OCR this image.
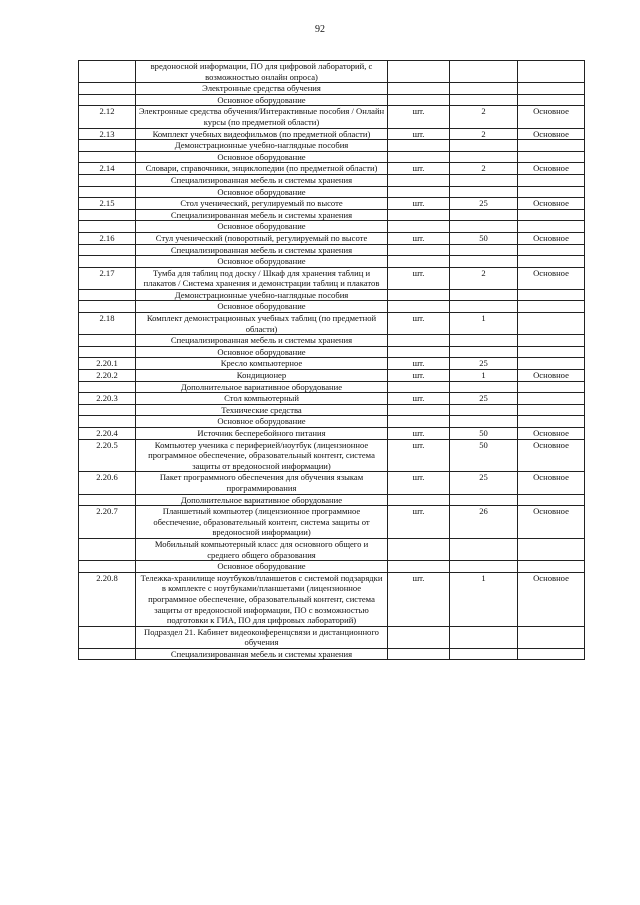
92
	вредоносной информации, ПО для цифровой лабораторий, с возможностью онлайн опроса)			
	Электронные средства обучения			
	Основное оборудование			
2.12	Электронные средства обучения/Интерактивные пособия / Онлайн курсы (по предметной области)	шт.	2	Основное
2.13	Комплект учебных видеофильмов (по предметной области)	шт.	2	Основное
	Демонстрационные учебно-наглядные пособия			
	Основное оборудование			
2.14	Словари, справочники, энциклопедии (по предметной области)	шт.	2	Основное
	Специализированная мебель и системы хранения			
	Основное оборудование			
2.15	Стол ученический, регулируемый по высоте	шт.	25	Основное
	Специализированная мебель и системы хранения			
	Основное оборудование			
2.16	Стул ученический (поворотный, регулируемый по высоте	шт.	50	Основное
	Специализированная мебель и системы хранения			
	Основное оборудование			
2.17	Тумба для таблиц под доску / Шкаф для хранения таблиц и плакатов / Система хранения и демонстрации таблиц и плакатов	шт.	2	Основное
	Демонстрационные учебно-наглядные пособия			
	Основное оборудование			
2.18	Комплект демонстрационных учебных таблиц (по предметной области)	шт.	1	
	Специализированная мебель и системы хранения			
	Основное оборудование			
2.20.1	Кресло компьютерное	шт.	25	
2.20.2	Кондиционер	шт.	1	Основное
	Дополнительное вариативное оборудование			
2.20.3	Стол компьютерный	шт.	25	
	Технические средства			
	Основное оборудование			
2.20.4	Источник бесперебойного питания	шт.	50	Основное
2.20.5	Компьютер ученика с периферией/ноутбук (лицензионное программное обеспечение, образовательный контент, система защиты от вредоносной информации)	шт.	50	Основное
2.20.6	Пакет программного обеспечения для обучения языкам программирования	шт.	25	Основное
	Дополнительное вариативное оборудование			
2.20.7	Планшетный компьютер (лицензионное программное обеспечение, образовательный контент, система защиты от вредоносной информации)	шт.	26	Основное
	Мобильный компьютерный класс для основного общего и среднего общего образования			
	Основное оборудование			
2.20.8	Тележка-хранилище ноутбуков/планшетов с системой подзарядки в комплекте с ноутбуками/планшетами (лицензионное программное обеспечение, образовательный контент, система защиты от вредоносной информации, ПО с возможностью подготовки к ГИА, ПО для цифровых лабораторий)	шт.	1	Основное
	Подраздел 21. Кабинет видеоконференцсвязи и дистанционного обучения			
	Специализированная мебель и системы хранения			
